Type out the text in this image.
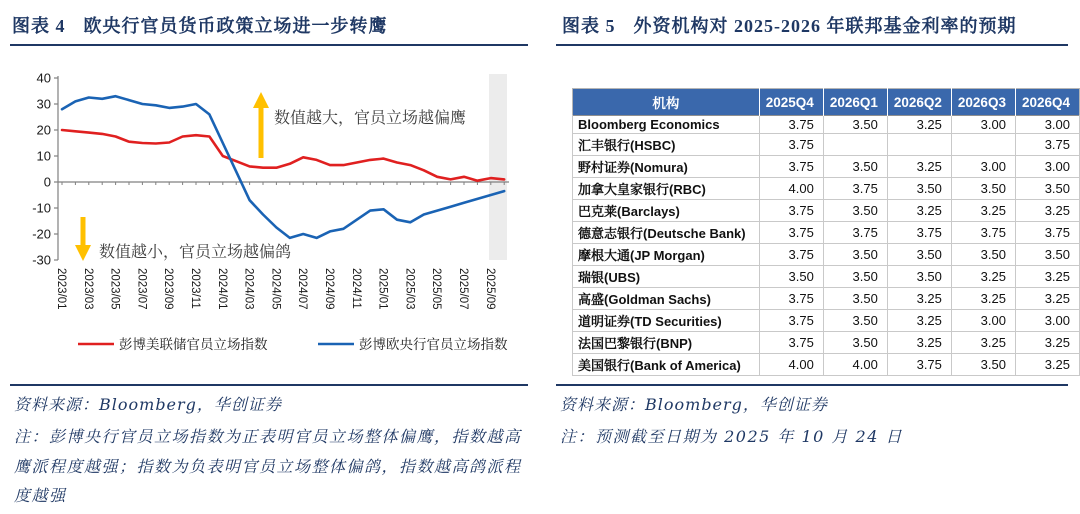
图表 4 欧央行官员货币政策立场进一步转鹰
40
30
20
10
0
-10
-20
-30
2023/01 2023/03 2023/05 2023/07 2023/09 2023/11 2024/01 2024/03 2024/05 2024/07 2024/09 2024/11 2025/01 2025/03 2025/05 2025/07 2025/09
数值越大，官员立场越偏鹰
数值越小，官员立场越偏鸽
彭博美联储官员立场指数	彭博欧央行官员立场指数
资料来源：Bloomberg，华创证券
注：彭博央行官员立场指数为正表明官员立场整体偏鹰，指数越高鹰派程度越强；指数为负表明官员立场整体偏鸽，指数越高鸽派程度越强
图表 5 外资机构对 2025-2026 年联邦基金利率的预期
机构	2025Q4	2026Q1	2026Q2	2026Q3	2026Q4
Bloomberg Economics	3.75	3.50	3.25	3.00	3.00
汇丰银行(HSBC)	3.75				3.75
野村证券(Nomura)	3.75	3.50	3.25	3.00	3.00
加拿大皇家银行(RBC)	4.00	3.75	3.50	3.50	3.50
巴克莱(Barclays)	3.75	3.50	3.25	3.25	3.25
德意志银行(Deutsche Bank)	3.75	3.75	3.75	3.75	3.75
摩根大通(JP Morgan)	3.75	3.50	3.50	3.50	3.50
瑞银(UBS)	3.50	3.50	3.50	3.25	3.25
高盛(Goldman Sachs)	3.75	3.50	3.25	3.25	3.25
道明证券(TD Securities)	3.75	3.50	3.25	3.00	3.00
法国巴黎银行(BNP)	3.75	3.50	3.25	3.25	3.25
美国银行(Bank of America)	4.00	4.00	3.75	3.50	3.25
资料来源：Bloomberg，华创证券
注：预测截至日期为 2025 年 10 月 24 日
